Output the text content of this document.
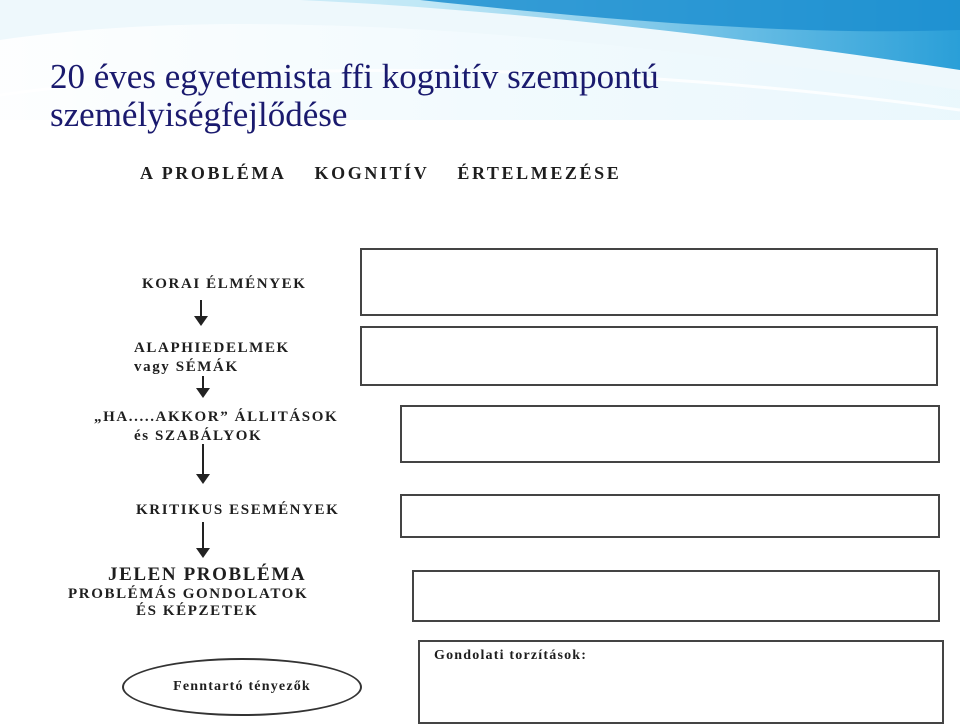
20 éves egyetemista ffi kognitív szempontú
személyiségfejlődése
A PROBLÉMA KOGNITÍV ÉRTELMEZÉSE
KORAI ÉLMÉNYEK
ALAPHIEDELMEK
vagy SÉMÁK
„HA.....AKKOR” ÁLLITÁSOK
és SZABÁLYOK
KRITIKUS ESEMÉNYEK
JELEN PROBLÉMA
PROBLÉMÁS GONDOLATOK
ÉS KÉPZETEK
Gondolati torzítások:
Fenntartó tényezők
